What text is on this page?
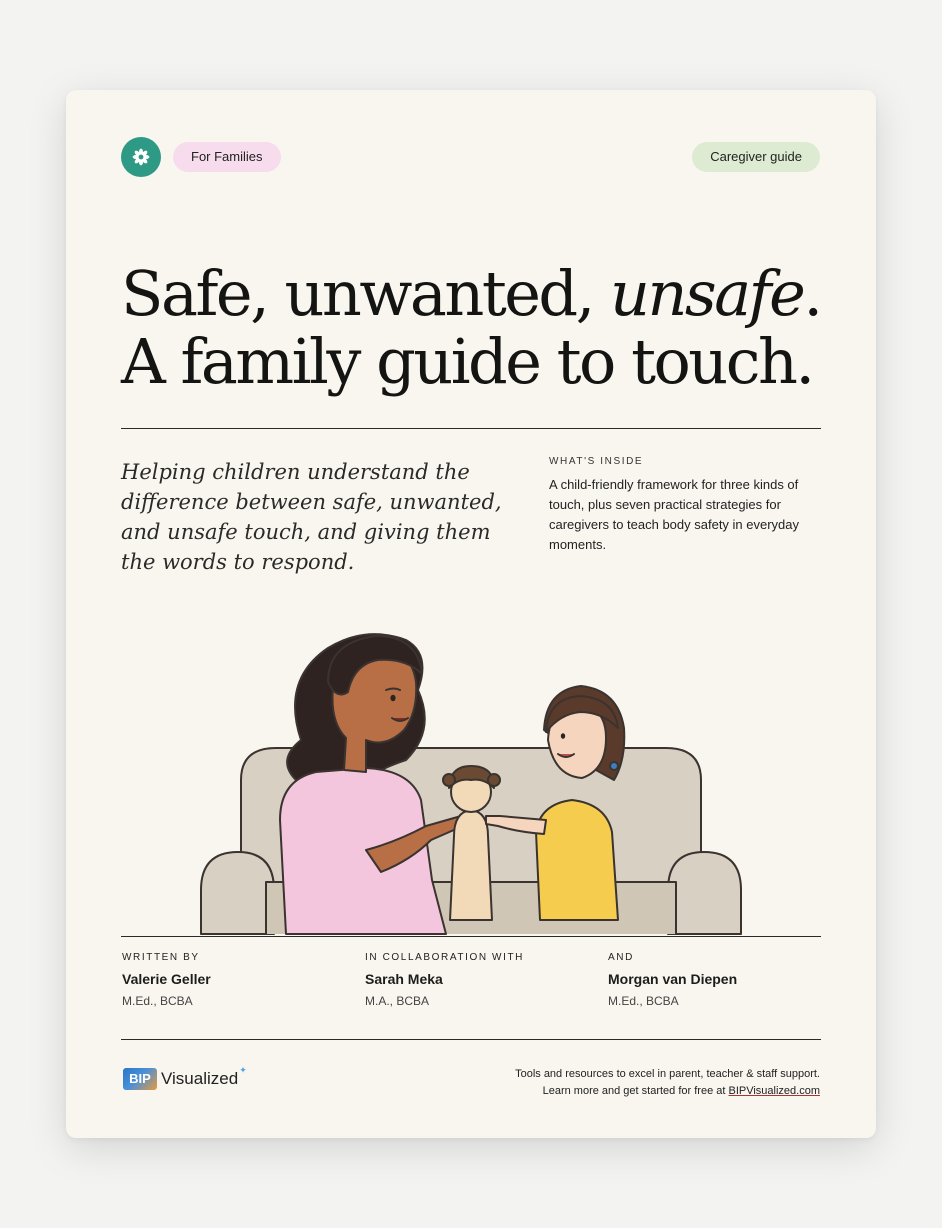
For Families	Caregiver guide
Safe, unwanted, unsafe.
A family guide to touch.

Helping children understand the difference between safe, unwanted, and unsafe touch, and giving them the words to respond.

WHAT'S INSIDE

A child-friendly framework for three kinds of touch, plus seven practical strategies for caregivers to teach body safety in everyday moments.

WRITTEN BY
Valerie Geller
M.Ed., BCBA
IN COLLABORATION WITH
Sarah Meka
M.A., BCBA
AND
Morgan van Diepen
M.Ed., BCBA
BIP Visualized ✦	Tools and resources to excel in parent, teacher & staff support.
Learn more and get started for free at BIPVisualized.com
